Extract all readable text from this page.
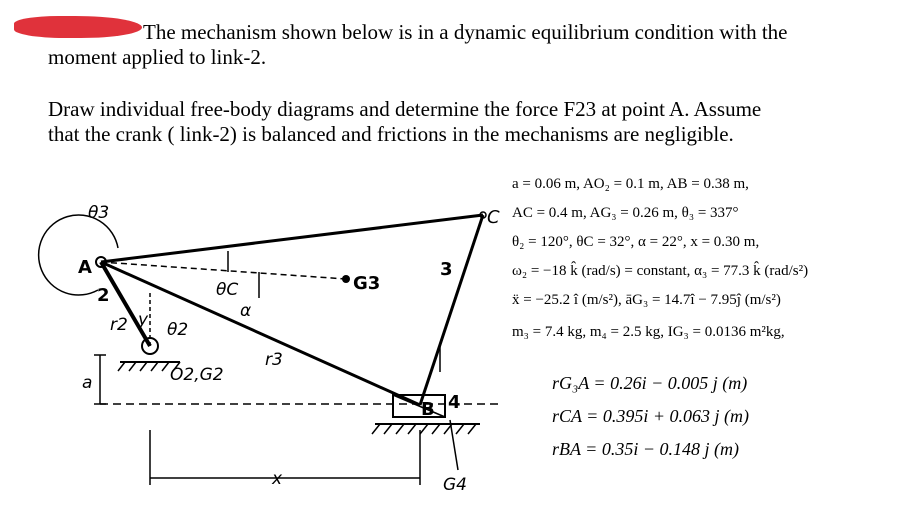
The mechanism shown below is in a dynamic equilibrium condition with the
moment applied to link-2.
Draw individual free-body diagrams and determine the force F23 at point A. Assume
that the crank ( link-2) is balanced and frictions in the mechanisms are negligible.
a = 0.06 m, AO₂ = 0.1 m, AB = 0.38 m,
AC = 0.4 m, AG₃ = 0.26 m, θ₃ = 337°
θ₂ = 120°, θC = 32°, α = 22°, x = 0.30 m,
ω₂ = −18 k̂ (rad/s) = constant, α₃ = 77.3 k̂ (rad/s²)
ẍ = −25.2 î (m/s²), āG₃ = 14.7î − 7.95ĵ (m/s²)
m₃ = 7.4 kg, m₄ = 2.5 kg, IG₃ = 0.0136 m²kg,
rG₃A = 0.26i − 0.005 j (m)
rCA = 0.395i + 0.063 j (m)
rBA = 0.35i − 0.148 j (m)
θ3
A
2
r2 y θ2
O2,G2
a
θC
α
G3
C
3
r3
B 4
G4
x
